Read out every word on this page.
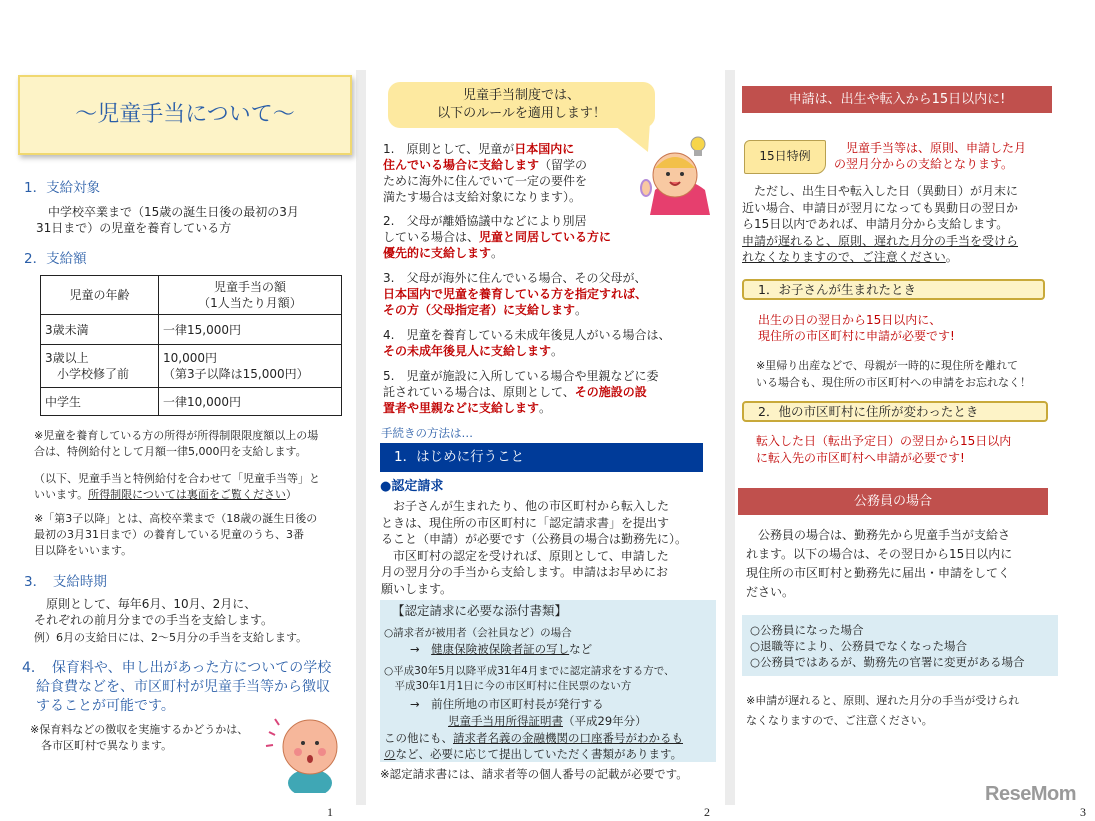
～児童手当について～
1．支給対象

　中学校卒業まで（15歳の誕生日後の最初の3月
31日まで）の児童を養育している方

2．支給額
児童の年齢	児童手当の額
（1人当たり月額）
3歳未満	一律15,000円
3歳以上
　小学校修了前	10,000円
（第3子以降は15,000円）
中学生	一律10,000円

※児童を養育している方の所得が所得制限限度額以上の場
合は、特例給付として月額一律5,000円を支給します。

（以下、児童手当と特例給付を合わせて「児童手当等」と
いいます。所得制限については裏面をご覧ください）

※「第3子以降」とは、高校卒業まで（18歳の誕生日後の
最初の3月31日まで）の養育している児童のうち、3番
目以降をいいます。

3．　支給時期

　原則として、毎年6月、10月、2月に、
それぞれの前月分までの手当を支給します。

例）6月の支給日には、2～5月分の手当を支給します。

4．　保育料や、申し出があった方についての学校
　給食費などを、市区町村が児童手当等から徴収
　することが可能です。

※保育料などの徴収を実施するかどうかは、
　各市区町村で異なります。

1
児童手当制度では、
以下のルールを適用します！
1.　原則として、児童が日本国内に
住んでいる場合に支給します（留学の
ために海外に住んでいて一定の要件を
満たす場合は支給対象になります）。
2.　父母が離婚協議中などにより別居
している場合は、児童と同居している方に
優先的に支給します。
3.　父母が海外に住んでいる場合、その父母が、
日本国内で児童を養育している方を指定すれば、
その方（父母指定者）に支給します。
4.　児童を養育している未成年後見人がいる場合は、
その未成年後見人に支給します。
5.　児童が施設に入所している場合や里親などに委
託されている場合は、原則として、その施設の設
置者や里親などに支給します。
手続きの方法は…
1．はじめに行うこと
●認定請求

　お子さんが生まれたり、他の市区町村から転入した
ときは、現住所の市区町村に「認定請求書」を提出す
ること（申請）が必要です（公務員の場合は勤務先に）。
　市区町村の認定を受ければ、原則として、申請した
月の翌月分の手当から支給します。申請はお早めにお
願いします。

【認定請求に必要な添付書類】
○請求者が被用者（会社員など）の場合
→　 健康保険被保険者証の写しなど

○平成30年5月以降平成31年4月までに認定請求をする方で、
　平成30年1月1日に今の市区町村に住民票のない方

→　 前住所地の市区町村長が発行する
児童手当用所得証明書（平成29年分）
この他にも、請求者名義の金融機関の口座番号がわかるも
のなど、必要に応じて提出していただく書類があります。
※認定請求書には、請求者等の個人番号の記載が必要です。
2
申請は、出生や転入から15日以内に!
15日特例

　児童手当等は、原則、申請した月
の翌月分からの支給となります。

　ただし、出生日や転入した日（異動日）が月末に
近い場合、申請日が翌月になっても異動日の翌日か
ら15日以内であれば、申請月分から支給します。
申請が遅れると、原則、遅れた月分の手当を受けら
れなくなりますので、ご注意ください。
1．お子さんが生まれたとき

出生の日の翌日から15日以内に、
現住所の市区町村に申請が必要です!

※里帰り出産などで、母親が一時的に現住所を離れて
いる場合も、現住所の市区町村への申請をお忘れなく！

2．他の市区町村に住所が変わったとき

転入した日（転出予定日）の翌日から15日以内
に転入先の市区町村へ申請が必要です!

公務員の場合

　公務員の場合は、勤務先から児童手当が支給さ
れます。以下の場合は、その翌日から15日以内に
現住所の市区町村と勤務先に届出・申請をしてく
ださい。

○公務員になった場合
○退職等により、公務員でなくなった場合
○公務員ではあるが、勤務先の官署に変更がある場合

※申請が遅れると、原則、遅れた月分の手当が受けられ
なくなりますので、ご注意ください。

3
ReseMom
